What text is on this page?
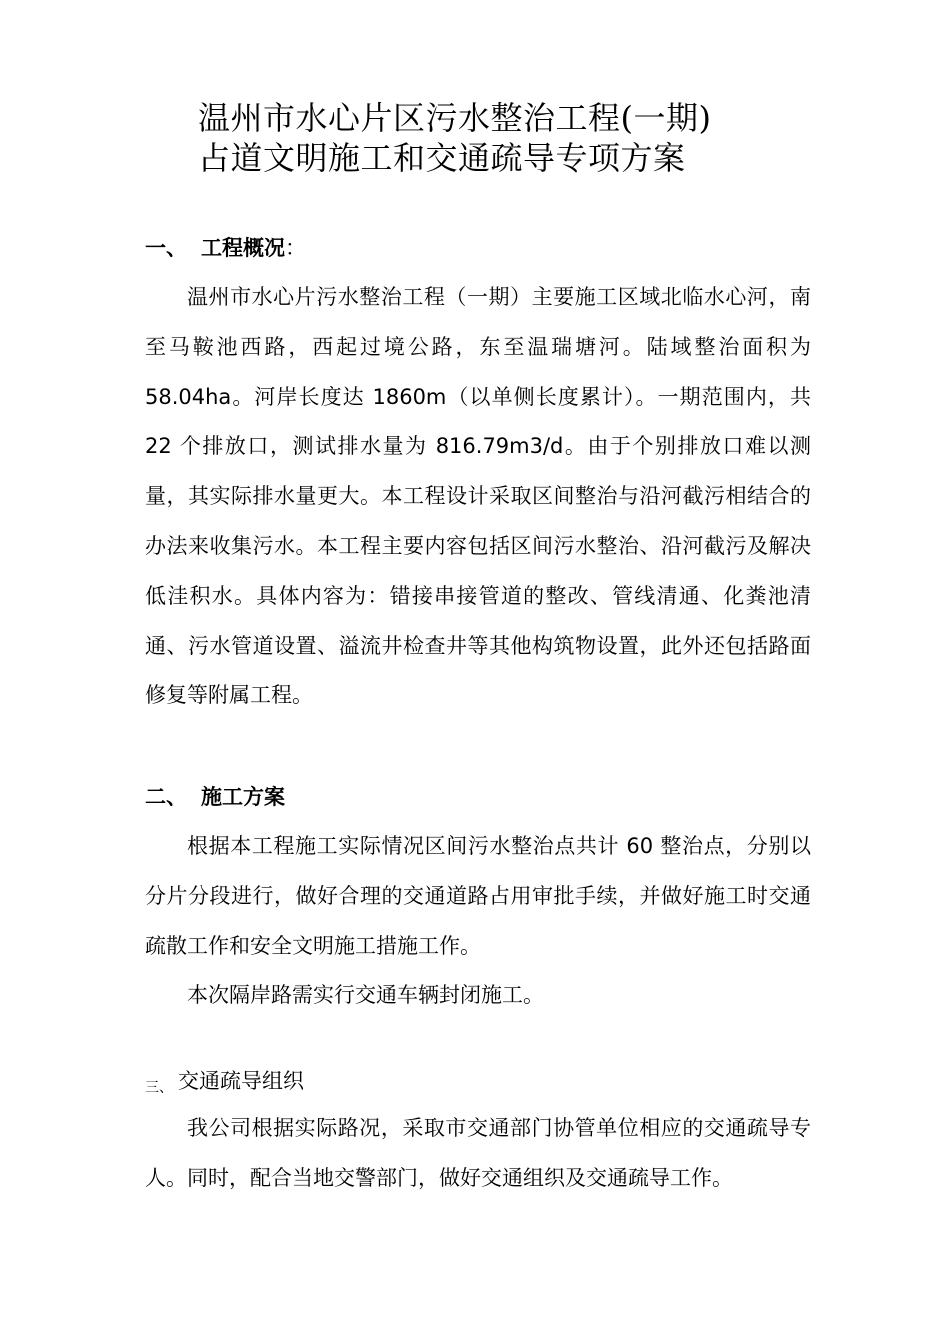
温州市水心片区污水整治工程(一期)
占道文明施工和交通疏导专项方案
一、 工程概况：

温州市水心片污水整治工程（一期）主要施工区域北临水心河，南至马鞍池西路，西起过境公路，东至温瑞塘河。陆域整治面积为 58.04ha。河岸长度达 1860m（以单侧长度累计）。一期范围内，共 22 个排放口，测试排水量为 816.79m3/d。由于个别排放口难以测量，其实际排水量更大。本工程设计采取区间整治与沿河截污相结合的办法来收集污水。本工程主要内容包括区间污水整治、沿河截污及解决低洼积水。具体内容为：错接串接管道的整改、管线清通、化粪池清通、污水管道设置、溢流井检查井等其他构筑物设置，此外还包括路面修复等附属工程。

二、 施工方案

根据本工程施工实际情况区间污水整治点共计 60 整治点，分别以分片分段进行，做好合理的交通道路占用审批手续，并做好施工时交通疏散工作和安全文明施工措施工作。

本次隔岸路需实行交通车辆封闭施工。

三、 交通疏导组织

我公司根据实际路况，采取市交通部门协管单位相应的交通疏导专人。同时，配合当地交警部门，做好交通组织及交通疏导工作。
